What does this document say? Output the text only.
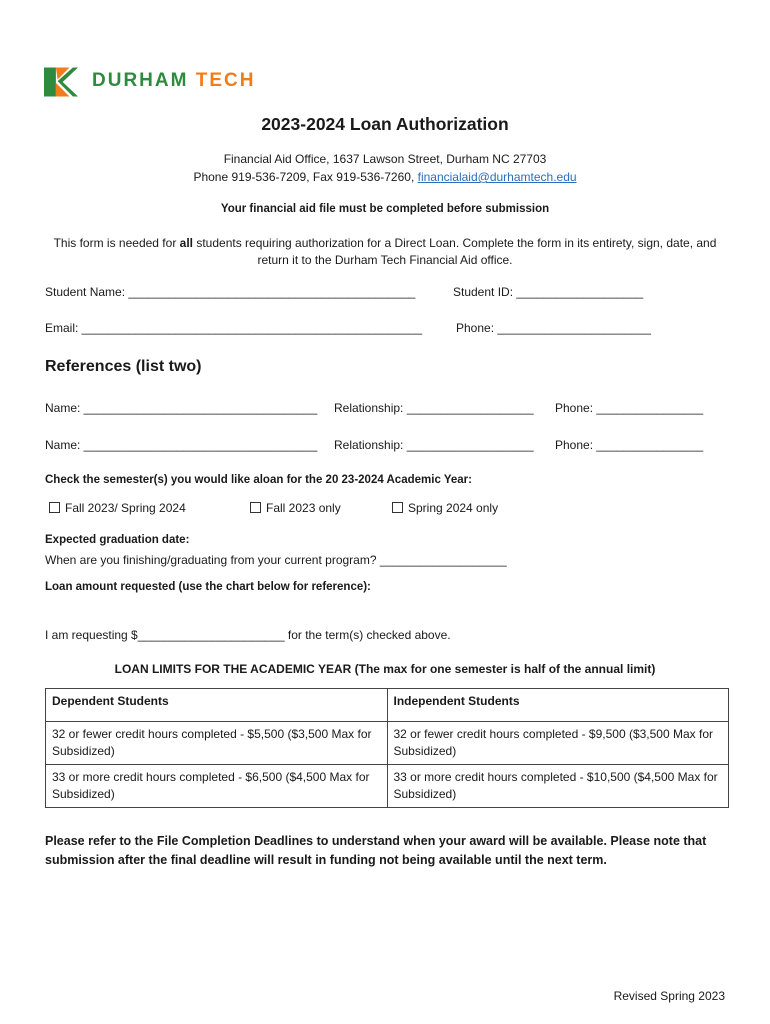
DURHAM TECH
2023-2024 Loan Authorization
Financial Aid Office, 1637 Lawson Street, Durham NC 27703
Phone 919-536-7209, Fax 919-536-7260, financialaid@durhamtech.edu
Your financial aid file must be completed before submission
This form is needed for all students requiring authorization for a Direct Loan. Complete the form in its entirety, sign, date, and return it to the Durham Tech Financial Aid office.
Student Name: ___________________________________________	Student ID: ___________________
Email: ___________________________________________________	Phone: _______________________
References (list two)
Name: ___________________________________ Relationship: ___________________ Phone: ________________
Name: ___________________________________ Relationship: ___________________ Phone: ________________
Check the semester(s) you would like aloan for the 20 23-2024 Academic Year:
Fall 2023/ Spring 2024	Fall 2023 only	Spring 2024 only
Expected graduation date:
When are you finishing/graduating from your current program? ___________________
Loan amount requested (use the chart below for reference):
I am requesting $______________________ for the term(s) checked above.
LOAN LIMITS FOR THE ACADEMIC YEAR (The max for one semester is half of the annual limit)
Dependent Students	Independent Students
32 or fewer credit hours completed - $5,500 ($3,500 Max for Subsidized)	32 or fewer credit hours completed - $9,500 ($3,500 Max for Subsidized)
33 or more credit hours completed - $6,500 ($4,500 Max for Subsidized)	33 or more credit hours completed - $10,500 ($4,500 Max for Subsidized)
Please refer to the File Completion Deadlines to understand when your award will be available. Please note that submission after the final deadline will result in funding not being available until the next term.
Revised Spring 2023
